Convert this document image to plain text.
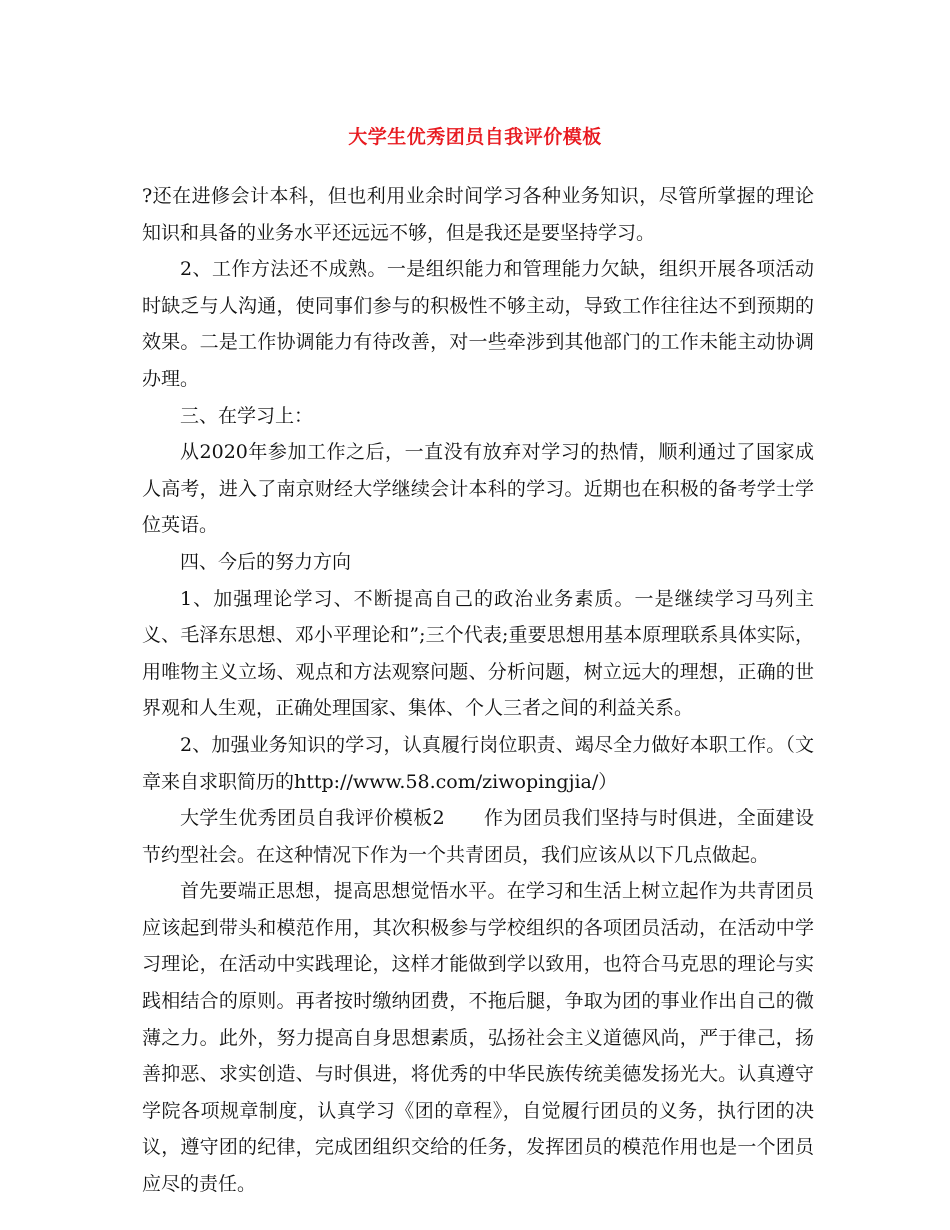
大学生优秀团员自我评价模板

?还在进修会计本科，但也利用业余时间学习各种业务知识，尽管所掌握的理论知识和具备的业务水平还远远不够，但是我还是要坚持学习。

2、工作方法还不成熟。一是组织能力和管理能力欠缺，组织开展各项活动时缺乏与人沟通，使同事们参与的积极性不够主动，导致工作往往达不到预期的效果。二是工作协调能力有待改善，对一些牵涉到其他部门的工作未能主动协调办理。

三、在学习上：

从2020年参加工作之后，一直没有放弃对学习的热情，顺利通过了国家成人高考，进入了南京财经大学继续会计本科的学习。近期也在积极的备考学士学位英语。

四、今后的努力方向

1、加强理论学习、不断提高自己的政治业务素质。一是继续学习马列主义、毛泽东思想、邓小平理论和”;三个代表;重要思想用基本原理联系具体实际，用唯物主义立场、观点和方法观察问题、分析问题，树立远大的理想，正确的世界观和人生观，正确处理国家、集体、个人三者之间的利益关系。

2、加强业务知识的学习，认真履行岗位职责、竭尽全力做好本职工作。（文章来自求职简历的http://www.58.com/ziwopingjia/）

大学生优秀团员自我评价模板2　　作为团员我们坚持与时俱进，全面建设节约型社会。在这种情况下作为一个共青团员，我们应该从以下几点做起。

首先要端正思想，提高思想觉悟水平。在学习和生活上树立起作为共青团员应该起到带头和模范作用，其次积极参与学校组织的各项团员活动，在活动中学习理论，在活动中实践理论，这样才能做到学以致用，也符合马克思的理论与实践相结合的原则。再者按时缴纳团费，不拖后腿，争取为团的事业作出自己的微薄之力。此外，努力提高自身思想素质，弘扬社会主义道德风尚，严于律己，扬善抑恶、求实创造、与时俱进，将优秀的中华民族传统美德发扬光大。认真遵守学院各项规章制度，认真学习《团的章程》，自觉履行团员的义务，执行团的决议，遵守团的纪律，完成团组织交给的任务，发挥团员的模范作用也是一个团员应尽的责任。
